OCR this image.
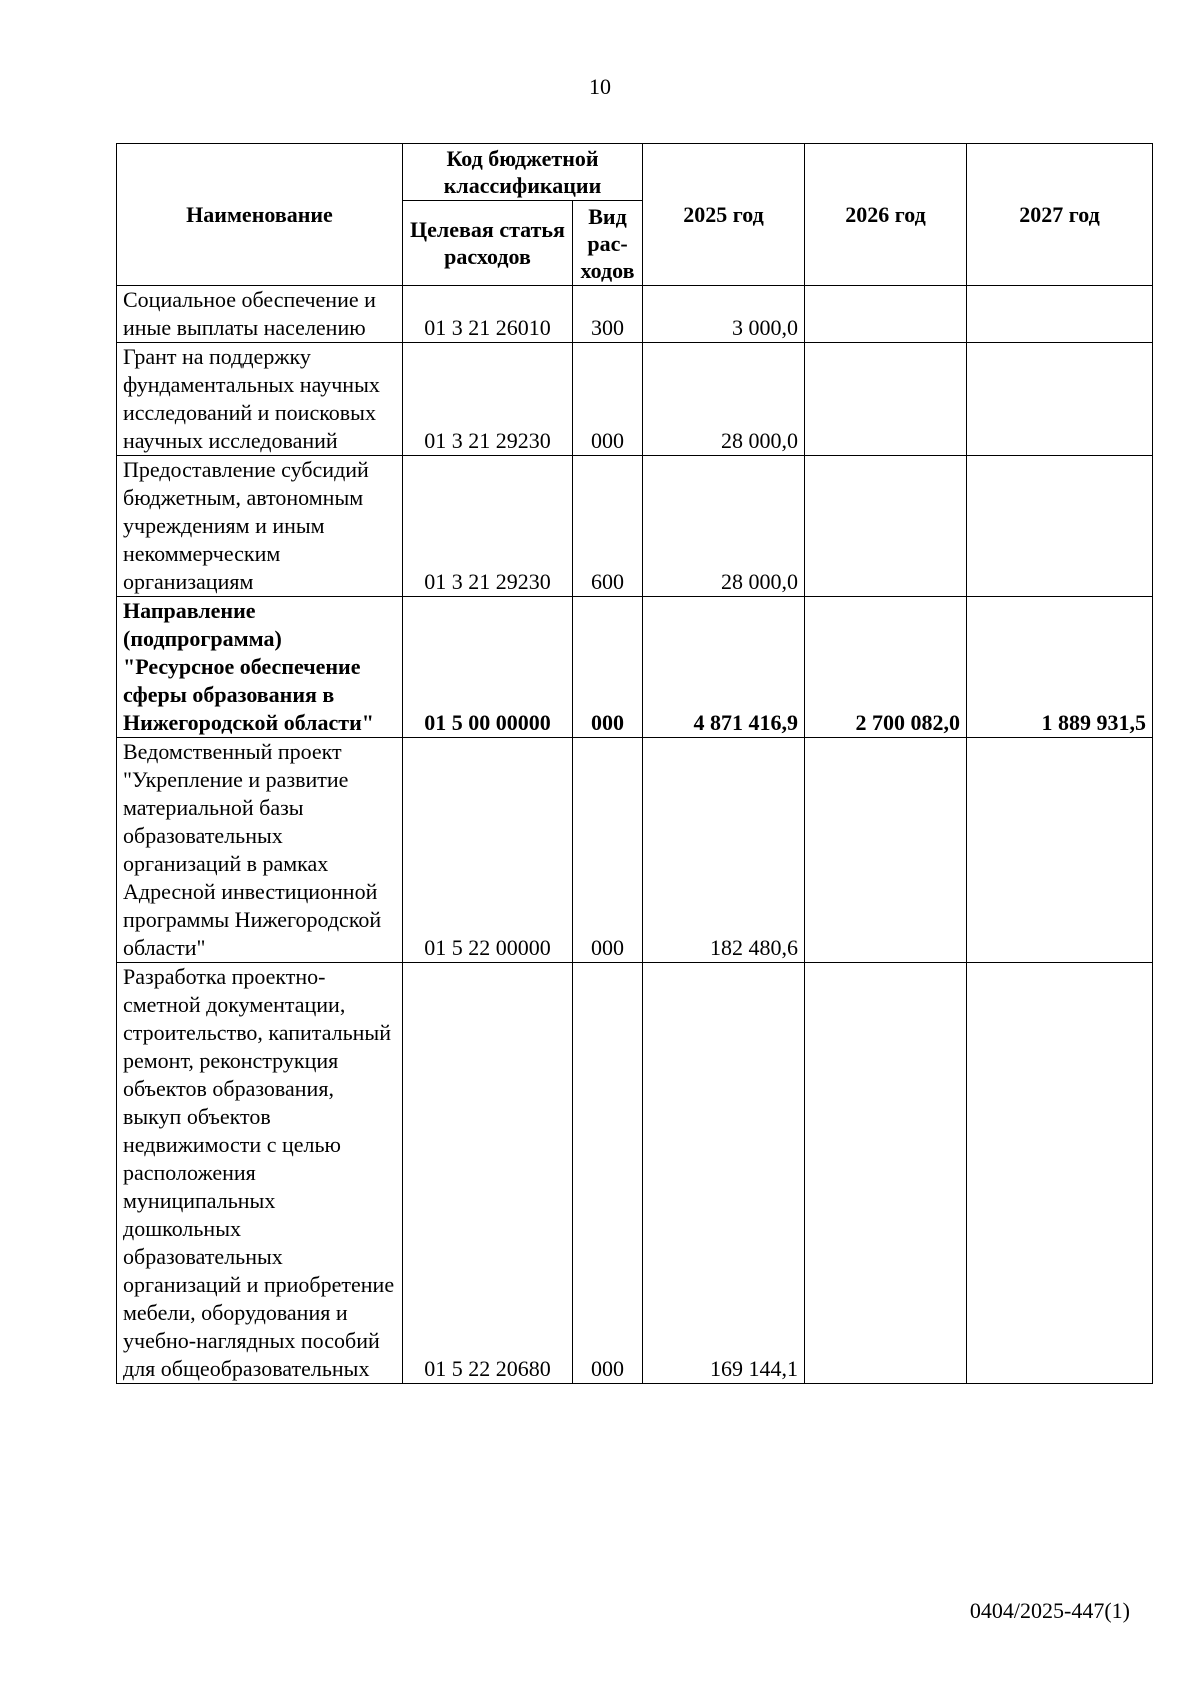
10
Наименование	Код бюджетной классификации		2025 год	2026 год	2027 год
	Целевая статья расходов	Вид рас-ходов			
Социальное обеспечение и иные выплаты населению	01 3 21 26010	300	3 000,0		
Грант на поддержку фундаментальных научных исследований и поисковых научных исследований	01 3 21 29230	000	28 000,0		
Предоставление субсидий бюджетным, автономным учреждениям и иным некоммерческим организациям	01 3 21 29230	600	28 000,0		
Направление (подпрограмма) "Ресурсное обеспечение сферы образования в Нижегородской области"	01 5 00 00000	000	4 871 416,9	2 700 082,0	1 889 931,5
Ведомственный проект "Укрепление и развитие материальной базы образовательных организаций в рамках Адресной инвестиционной программы Нижегородской области"	01 5 22 00000	000	182 480,6		
Разработка проектно-сметной документации, строительство, капитальный ремонт, реконструкция объектов образования, выкуп объектов недвижимости с целью расположения муниципальных дошкольных образовательных организаций и приобретение мебели, оборудования и учебно-наглядных пособий для общеобразовательных	01 5 22 20680	000	169 144,1		
0404/2025-447(1)
